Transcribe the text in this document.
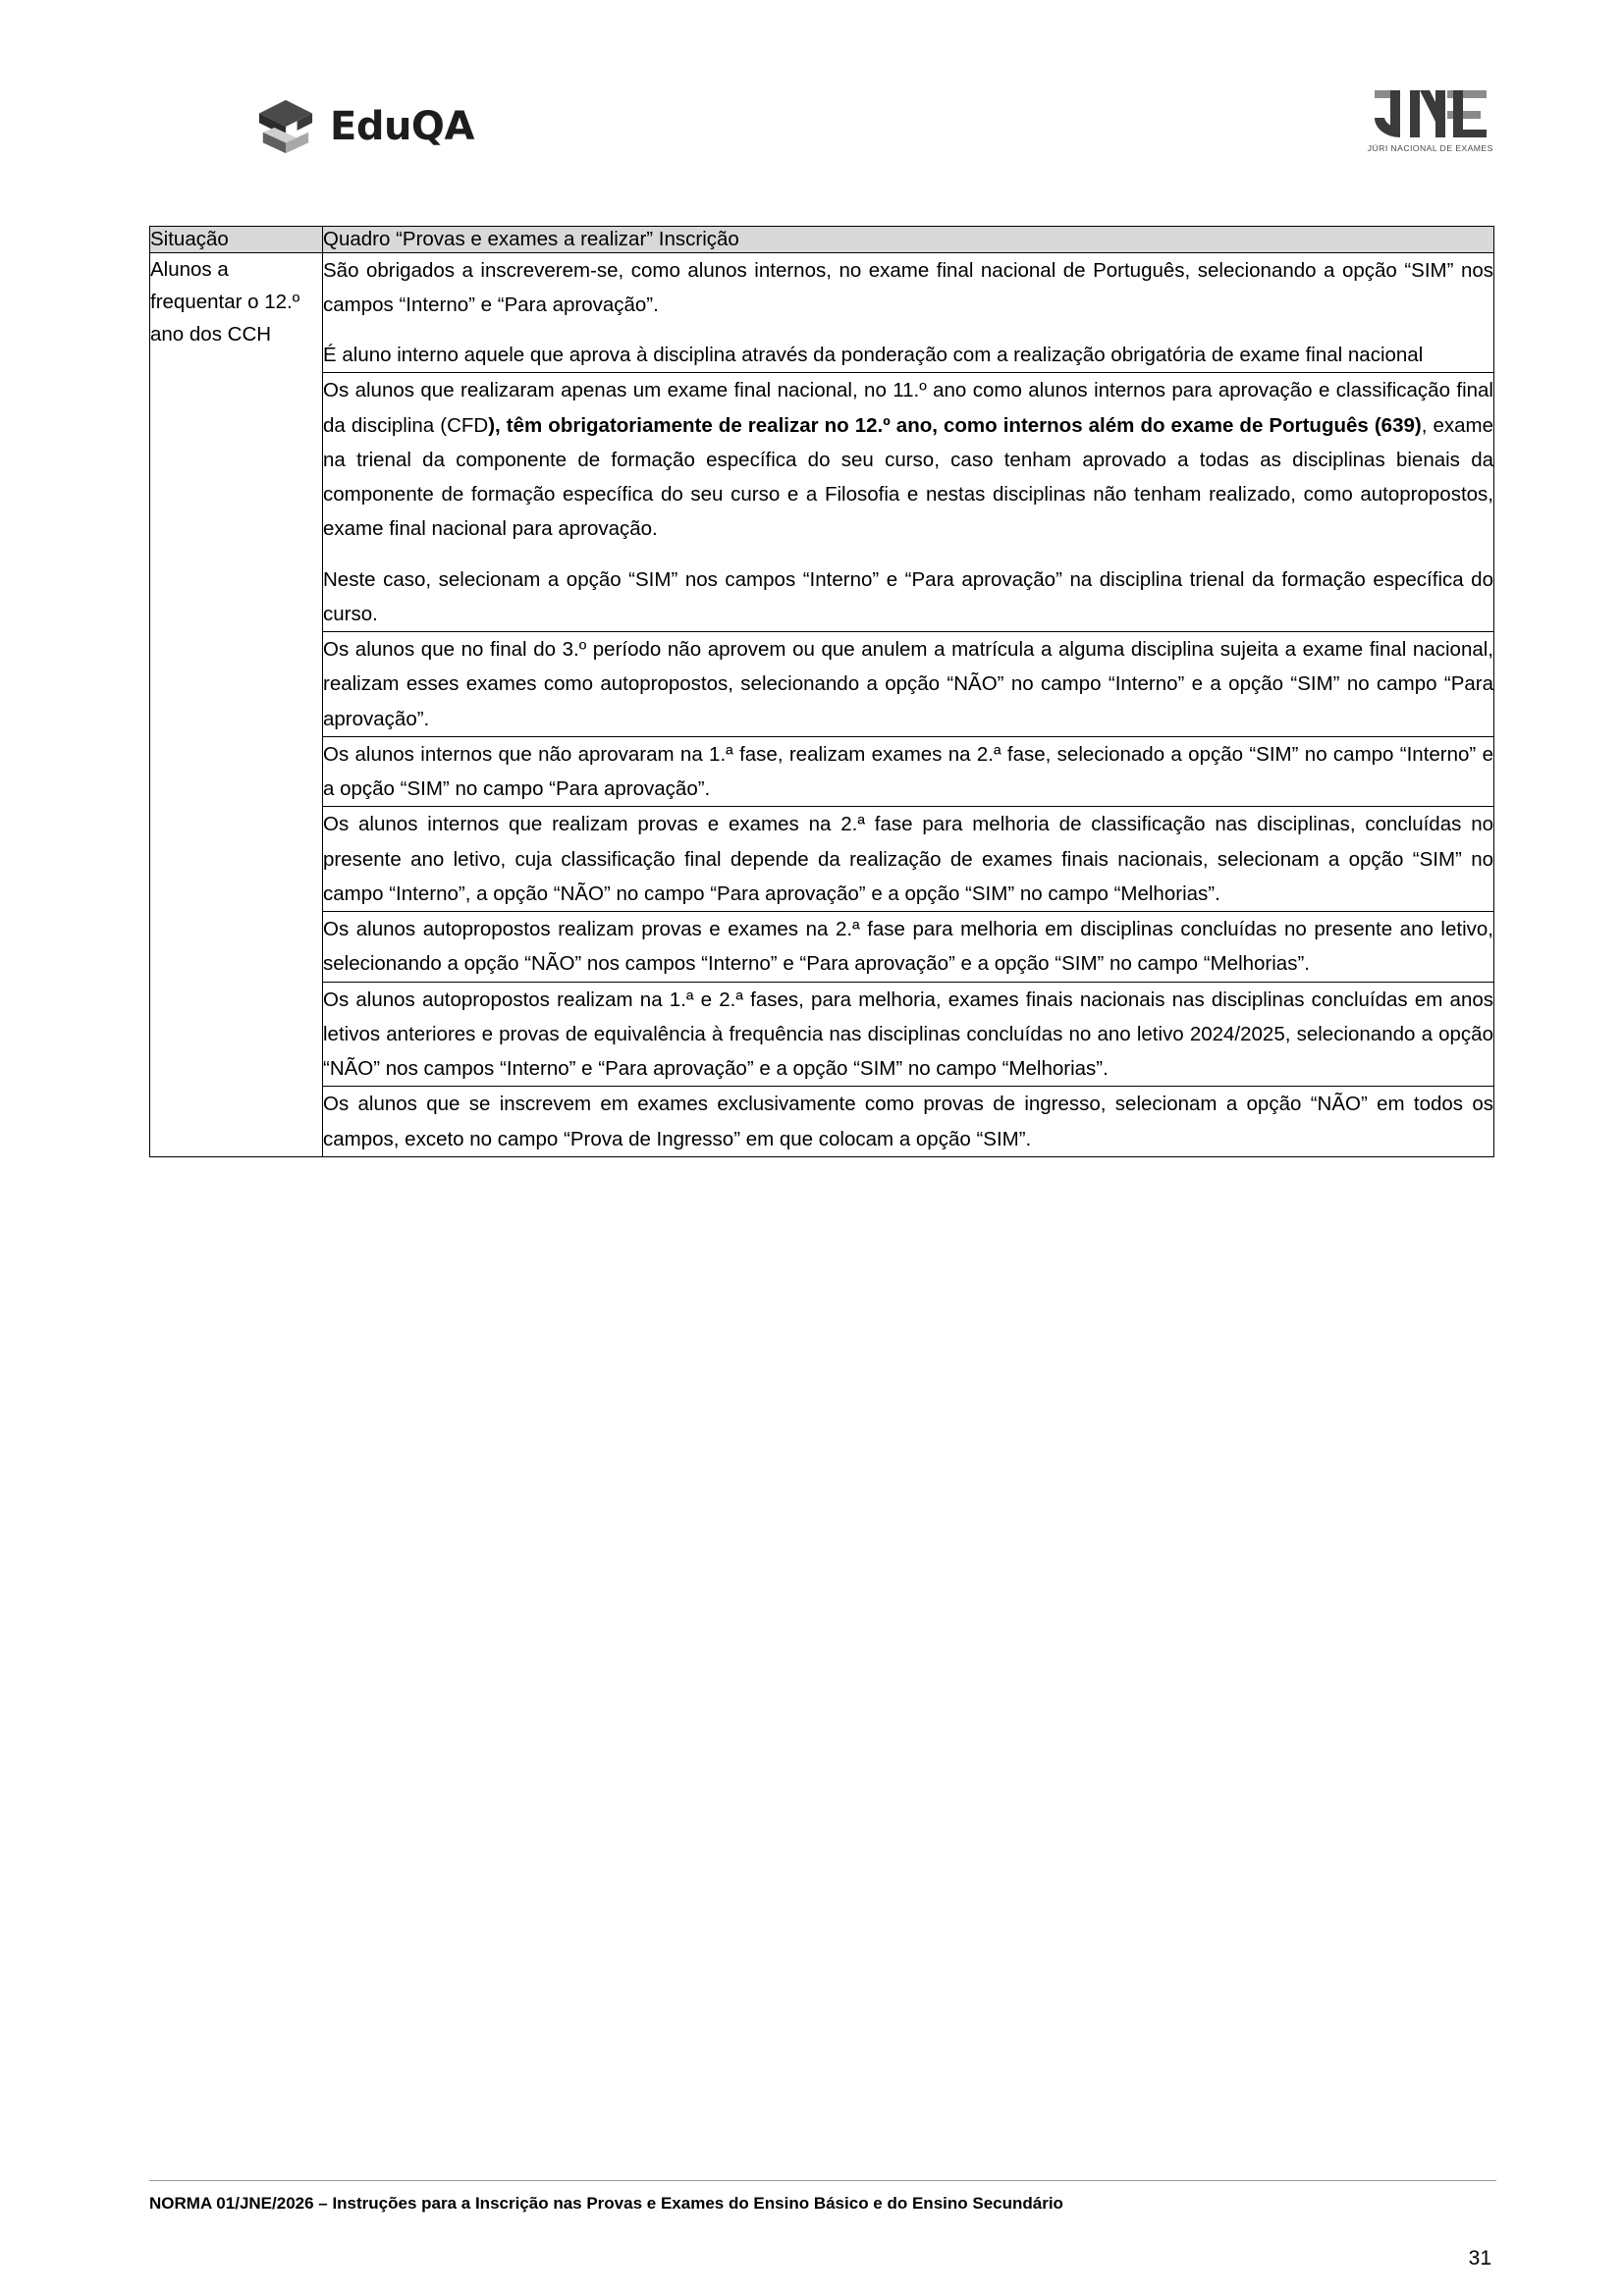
EduQA	JÚRI NACIONAL DE EXAMES
Situação	Quadro “Provas e exames a realizar” Inscrição
Alunos a frequentar o 12.º ano dos CCH	São obrigados a inscreverem-se, como alunos internos, no exame final nacional de Português, selecionando a opção “SIM” nos campos “Interno” e “Para aprovação”.

É aluno interno aquele que aprova à disciplina através da ponderação com a realização obrigatória de exame final nacional

	Os alunos que realizaram apenas um exame final nacional, no 11.º ano como alunos internos para aprovação e classificação final da disciplina (CFD), têm obrigatoriamente de realizar no 12.º ano, como internos além do exame de Português (639), exame na trienal da componente de formação específica do seu curso, caso tenham aprovado a todas as disciplinas bienais da componente de formação específica do seu curso e a Filosofia e nestas disciplinas não tenham realizado, como autopropostos, exame final nacional para aprovação.

Neste caso, selecionam a opção “SIM” nos campos “Interno” e “Para aprovação” na disciplina trienal da formação específica do curso.

	Os alunos que no final do 3.º período não aprovem ou que anulem a matrícula a alguma disciplina sujeita a exame final nacional, realizam esses exames como autopropostos, selecionando a opção “NÃO” no campo “Interno” e a opção “SIM” no campo “Para aprovação”.

	Os alunos internos que não aprovaram na 1.ª fase, realizam exames na 2.ª fase, selecionado a opção “SIM” no campo “Interno” e a opção “SIM” no campo “Para aprovação”.

	Os alunos internos que realizam provas e exames na 2.ª fase para melhoria de classificação nas disciplinas, concluídas no presente ano letivo, cuja classificação final depende da realização de exames finais nacionais, selecionam a opção “SIM” no campo “Interno”, a opção “NÃO” no campo “Para aprovação” e a opção “SIM” no campo “Melhorias”.

	Os alunos autopropostos realizam provas e exames na 2.ª fase para melhoria em disciplinas concluídas no presente ano letivo, selecionando a opção “NÃO” nos campos “Interno” e “Para aprovação” e a opção “SIM” no campo “Melhorias”.

	Os alunos autopropostos realizam na 1.ª e 2.ª fases, para melhoria, exames finais nacionais nas disciplinas concluídas em anos letivos anteriores e provas de equivalência à frequência nas disciplinas concluídas no ano letivo 2024/2025, selecionando a opção “NÃO” nos campos “Interno” e “Para aprovação” e a opção “SIM” no campo “Melhorias”.

	Os alunos que se inscrevem em exames exclusivamente como provas de ingresso, selecionam a opção “NÃO” em todos os campos, exceto no campo “Prova de Ingresso” em que colocam a opção “SIM”.

NORMA 01/JNE/2026 – Instruções para a Inscrição nas Provas e Exames do Ensino Básico e do Ensino Secundário
31
